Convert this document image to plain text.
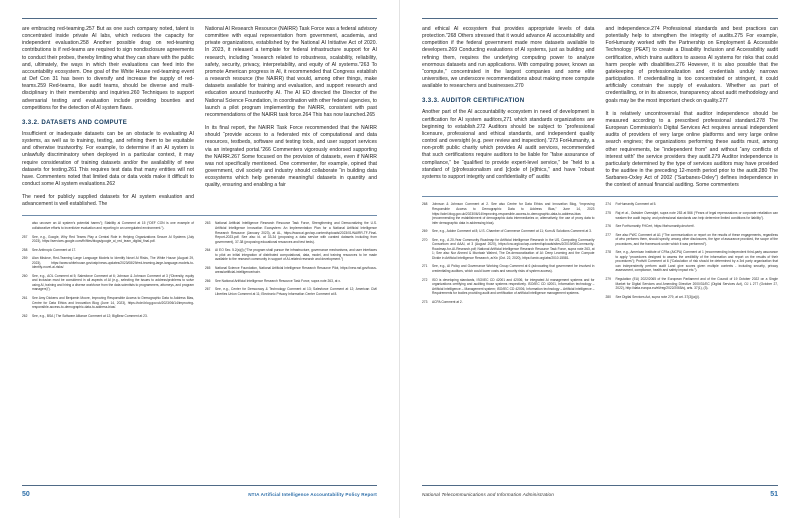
are embracing red-teaming.257 But as one such company noted, talent is concentrated inside private AI labs, which reduces the capacity for independent evaluation.258 Another possible drag on red-teaming contributions is if red-teams are required to sign nondisclosure agreements to conduct their probes, thereby limiting what they can share with the public and, ultimately, the ways in which their evaluations can feed into the accountability ecosystem. One goal of the White House red-teaming event at Def Con 31 has been to diversify and increase the supply of red-teams.259 Red-teams, like audit teams, should be diverse and multi-disciplinary in their membership and inquiries.260 Techniques to support adversarial testing and evaluation include providing bounties and competitions for the detection of AI system flaws.

3.3.2. DATASETS AND COMPUTE

Insufficient or inadequate datasets can be an obstacle to evaluating AI systems, as well as to training, testing, and refining them to be equitable and otherwise trustworthy. For example, to determine if an AI system is unlawfully discriminatory when deployed in a particular context, it may require consideration of training datasets and/or the availability of new datasets for testing.261 This requires test data that many entities will not have. Commenters noted that limited data or data voids make it difficult to conduct some AI system evaluations.262

The need for publicly supplied datasets for AI system evaluation and advancement is well established. The

National AI Research Resource (NAIRR) Task Force was a federal advisory committee with equal representation from government, academia, and private organizations, established by the National AI Initiative Act of 2020. In 2023, it released a template for federal infrastructure support for AI research, including “research related to robustness, scalability, reliability, safety, security, privacy, interpretability, and equity of AI systems.”263 To promote American progress in AI, it recommended that Congress establish a research resource (the NAIRR) that would, among other things, make datasets available for training and evaluation, and support research and education around trustworthy AI. The AI EO directed the Director of the National Science Foundation, in coordination with other federal agencies, to launch a pilot program implementing the NAIRR, consistent with past recommendations of the NAIRR task force.264 This has now launched.265

In its final report, the NAIRR Task Force recommended that the NAIRR should “provide access to a federated mix of computational and data resources, testbeds, software and testing tools, and user support services via an integrated portal.”266 Commenters vigorously endorsed supporting the NAIRR.267 Some focused on the provision of datasets, even if NAIRR was not specifically mentioned. One commenter, for example, opined that government, civil society and industry should collaborate “in building data ecosystems which help generate meaningful datasets in quantity and quality, ensuring and enabling a fair

also uncover an AI system’s potential harms”); Stability ai Comment at 15 (“DEF CON is one example of collaborative efforts to incentivize evaluation and reporting in an unregulated environment.”).
257	See, e.g., Google, Why Red Teams Play a Central Role in Helping Organizations Secure AI Systems (July 2023), https://services.google.com/fh/files/blogs/google_ai_red_team_digital_final.pdf.
258	See Anthropic Comment at 17.
259	Alan Mislove, Red-Teaming Large Language Models to Identify Novel AI Risks, The White House (August 29, 2023), https://www.whitehouse.gov/ostp/news-updates/2023/08/29/red-teaming-large-language-models-to-identify-novel-ai-risks/.
260	See, e.g., AOL Comment at 5; Salesforce Comment at 6; Johnson & Johnson Comment at 3 (“Diversity, equity and inclusion must be considered in all aspects of AI (e.g., selecting the issues to address/problems to solve using AI, training and hiring a diverse workforce from the data scientists to programmers, attorneys, and program managers)”).
261	See Amy Dickens and Benjamin Moore, Improving Responsible Access to Demographic Data to Address Bias, Centre for Data Ethics and Innovation Blog (June 14, 2023), https://cdei.blog.gov.uk/2023/06/14/improving-responsible-access-to-demographic-data-to-address-bias/.
262	See, e.g., BSA | The Software Alliance Comment at 12; BigBear Comment at 23.
263	National Artificial Intelligence Research Resource Task Force, Strengthening and Democratizing the U.S. Artificial Intelligence Innovation Ecosystem: An Implementation Plan for a National Artificial Intelligence Research Resource (January 2023), at AL, https://www.ai.gov/wp-content/uploads/2023/01/NAIRR-TF-Final-Report-2023.pdf. See also id. at 33-34 (proposing a data service with curated datasets including from government), 37-38 (proposing educational resources and test beds).
264	AI EO Sec. 5.2(a)(i) (“The program shall pursue the infrastructure, governance mechanisms, and user interfaces to pilot an initial integration of distributed computational, data, model, and training resources to be made available to the research community in support of AI-related research and development.”)
265	National Science Foundation, National Artificial Intelligence Research Resource Pilot, https://new.nsf.gov/focus-areas/artificial-intelligence/nairr.
266	See National Artificial Intelligence Research Resource Task Force, supra note 263, at x.
267	See, e.g., Center for Democracy & Technology Comment at 13; Salesforce Comment at 12; American Civil Liberties Union Comment at 11; Electronic Privacy Information Center Comment at 8.
50	NTIA Artificial Intelligence Accountability Policy Report

and ethical AI ecosystem that provides appropriate levels of data protection.”268 Others stressed that it would advance AI accountability and competition if the federal government made more datasets available to developers.269 Conducting evaluations of AI systems, just as building and refining them, requires the underlying computing power to analyze enormous datasets and run applications. With computing power, known as “compute,” concentrated in the largest companies and some elite universities, we underscore recommendations about making more compute available to researchers and businesses.270

3.3.3. AUDITOR CERTIFICATION

Another part of the AI accountability ecosystem in need of development is certification for AI system auditors,271 which standards organizations are beginning to establish.272 Auditors should be subject to “professional licensure, professional and ethical standards, and independent quality control and oversight (e.g. peer review and inspection).”273 ForHumanity, a non-profit public charity which provides AI audit services, recommended that such certifications require auditors to be liable for “false assurance of compliance,” be “qualified to provide expert-level service,” be “held to a standard of [p]rofessionalism and [c]ode of [e]thics,” and have “robust systems to support integrity and confidentiality of” audits

and independence.274 Professional standards and best practices can potentially help to strengthen the integrity of audits.275 For example, ForHumanity worked with the Partnership on Employment & Accessible Technology (PEAT) to create a Disability Inclusion and Accessibility audit certification, which trains auditors to assess AI systems for risks that could harm people with disabilities.276 However, it is also possible that the gatekeeping of professionalization and credentials unduly narrows participation. If credentialling is too concentrated or stringent, it could artificially constrain the supply of evaluators. Whether as part of credentialling, or in its absence, transparency about audit methodology and goals may be the most important check on quality.277

It is relatively uncontroversial that auditor independence should be measured according to a prescribed professional standard.278 The European Commission’s Digital Services Act requires annual independent audits of providers of very large online platforms and very large online search engines; the organizations performing these audits must, among other requirements, be “independent from” and without “any conflicts of interest with” the service providers they audit.279 Auditor independence is particularly determined by the type of services auditors may have provided to the auditee in the preceding 12-month period prior to the audit.280 The Sarbanes-Oxley Act of 2002 (“Sarbanes-Oxley”) defines independence in the context of annual financial auditing. Some commenters

268	Johnson & Johnson Comment at 2. See also Centre for Data Ethics and Innovation Blog, “Improving Responsible Access to Demographic Data to Address Bias,” June 14, 2023 https://cdei.blog.gov.uk/2023/06/14/improving-responsible-access-to-demographic-data-to-address-bias (recommending the establishment of demographic data intermediaries or, alternatively, the use of proxy data to infer demographic data in addressing bias).
269	See, e.g., Adobe Comment at 8; U.S. Chamber of Commerce Comment at 11; Kum AI Solutions Comment at 3.
270	See, e.g., A 20-Year Community Roadmap for Artificial Intelligence Research in the US, Computing Community Consortium and AAAI, at 3 (August 2020), https://cra.org/ccc/wp-content/uploads/sites/2/2019/08/Community-Roadmap-for-AI-Research.pdf; National Artificial Intelligence Research Resource Task Force, supra note 263, at 1; See also Nur Ahmed & Muntasir Wahed, The De-democratization of AI: Deep Learning and the Compute Divide in Artificial Intelligence Research, arXiv (Oct. 22, 2020), https://arxiv.org/abs/2010.15581.
271	See, e.g., AI Policy and Governance Working Group Comment at 6 (advocating that government be involved in credentialing auditors, which could lower costs and security risks of system access).
272	ISO is developing standards, ISO/IEC CD 42001 and 42006, for integrated AI management systems and for organizations certifying and auditing those systems respectively. ISO/IEC CD 42001, Information technology – Artificial intelligence – Management system; ISO/IEC CD 42006, Information technology – Artificial intelligence – Requirements for bodies providing audit and certification of artificial intelligence management systems.
273	ACPA Comment at 2.
274	ForHumanity Comment at 5.
275	Raj et al., Outsider Oversight, supra note 253 at 566 (“Fears of legal repercussions or corporate retaliation can weaken the audit inquiry, and professional standards can help determine limited conditions for liability”).
276	See ForHumanity FHCert, https://forhumanity.dev/cert/.
277	See also PWC Comment at A1 (“The communication or report on the results of these engagements, regardless of who performs them, should specify, among other disclosures, the type of assurance provided, the scope of the procedures, and the framework under which it was performed”).
278	See, e.g., American Institute of CPAs (AICPA) Comment at 1 (recommending independent third-party assurance to apply “procedures designed to assess the credibility of the information and report on the results of their procedures”); Protiviti Comment at 6 (“Calculation of risk should be determined by a 3rd party organization that can independently perform audit Land give scores given multiple contexts - including security, privacy assessment, compliance, health and safety impact etc.”).
279	Regulation (EU) 2022/2065 of the European Parliament and of the Council of 19 October 2022 on a Single Market for Digital Services and Amending Directive 2000/31/EC (Digital Services Act), OJ L 277 (October 27, 2022), http://data.europa.eu/eli/reg/2022/2065/oj, arts. 37(1), (3).
280	See Digital Services Act, supra note 279, at art. 37(3)(a)(i).
National Telecommunications and Information Administration	51
